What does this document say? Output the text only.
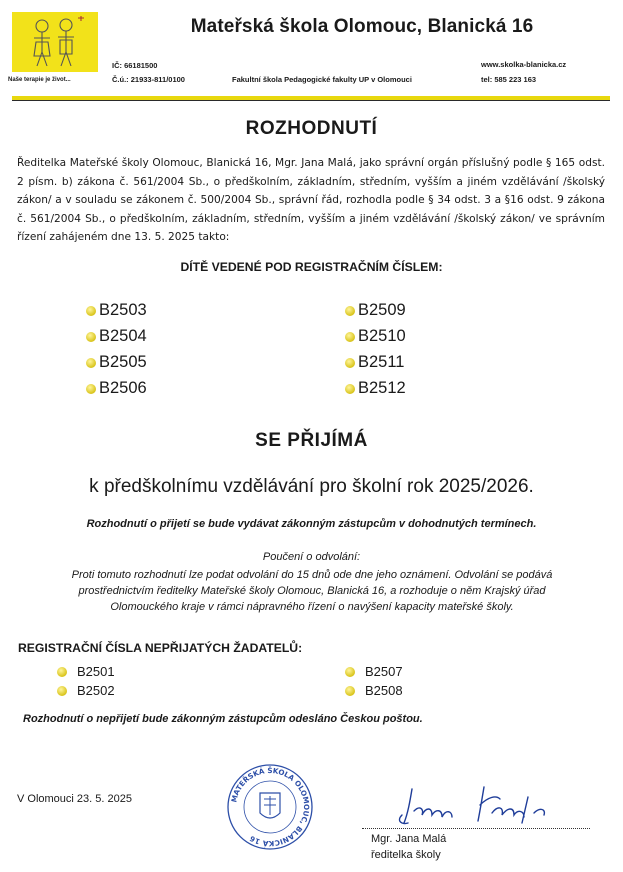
Naše terapie je život...
Mateřská škola Olomouc, Blanická 16
IČ: 66181500
Č.ú.: 21933-811/0100	Fakultní škola Pedagogické fakulty UP v Olomouci
www.skolka-blanicka.cz
tel: 585 223 163
ROZHODNUTÍ
Ředitelka Mateřské školy Olomouc, Blanická 16, Mgr. Jana Malá, jako správní orgán příslušný podle § 165 odst. 2 písm. b) zákona č. 561/2004 Sb., o předškolním, základním, středním, vyšším a jiném vzdělávání /školský zákon/ a v souladu se zákonem č. 500/2004 Sb., správní řád, rozhodla podle § 34 odst. 3 a §16 odst. 9 zákona č. 561/2004 Sb., o předškolním, základním, středním, vyšším a jiném vzdělávání /školský zákon/ ve správním řízení zahájeném dne 13. 5. 2025 takto:
DÍTĚ VEDENÉ POD REGISTRAČNÍM ČÍSLEM:
B2503
B2504
B2505
B2506
B2509
B2510
B2511
B2512
SE PŘIJÍMÁ
k předškolnímu vzdělávání pro školní rok 2025/2026.
Rozhodnutí o přijetí se bude vydávat zákonným zástupcům v dohodnutých termínech.
Poučení o odvolání:
Proti tomuto rozhodnutí lze podat odvolání do 15 dnů ode dne jeho oznámení. Odvolání se podává prostřednictvím ředitelky Mateřské školy Olomouc, Blanická 16, a rozhoduje o něm Krajský úřad Olomouckého kraje v rámci nápravného řízení o navýšení kapacity mateřské školy.
REGISTRAČNÍ ČÍSLA NEPŘIJATÝCH ŽADATELŮ:
B2501
B2502
B2507
B2508
Rozhodnutí o nepřijetí bude zákonným zástupcům odesláno Českou poštou.
V Olomouci 23. 5. 2025	MATEŘSKÁ ŠKOLA OLOMOUC, BLANICKÁ 16	Mgr. Jana Malá
ředitelka školy
